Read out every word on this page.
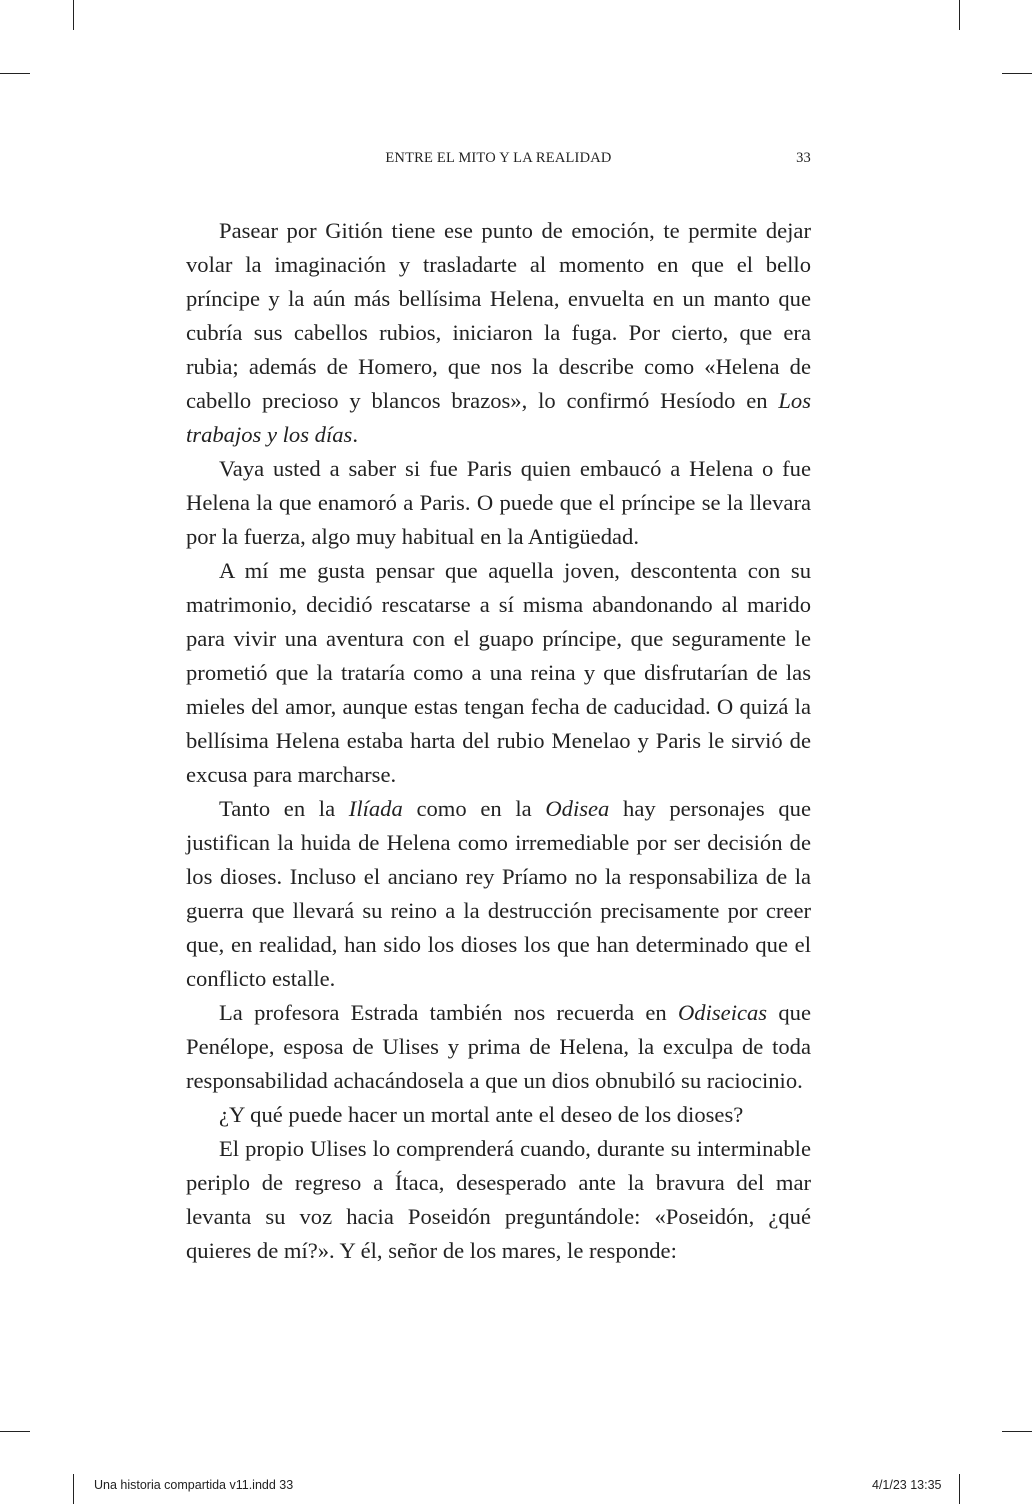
ENTRE EL MITO Y LA REALIDAD	33

Pasear por Gitión tiene ese punto de emoción, te permite dejar volar la imaginación y trasladarte al momento en que el bello príncipe y la aún más bellísima Helena, envuelta en un manto que cubría sus cabellos rubios, iniciaron la fuga. Por cierto, que era rubia; además de Homero, que nos la describe como «Helena de cabello precioso y blancos brazos», lo confirmó Hesíodo en Los trabajos y los días.

Vaya usted a saber si fue Paris quien embaucó a Helena o fue Helena la que enamoró a Paris. O puede que el príncipe se la llevara por la fuerza, algo muy habitual en la Antigüedad.

A mí me gusta pensar que aquella joven, descontenta con su matrimonio, decidió rescatarse a sí misma abandonando al marido para vivir una aventura con el guapo príncipe, que seguramente le prometió que la trataría como a una reina y que disfrutarían de las mieles del amor, aunque estas tengan fecha de caducidad. O quizá la bellísima Helena estaba harta del rubio Menelao y Paris le sirvió de excusa para marcharse.

Tanto en la Ilíada como en la Odisea hay personajes que justifican la huida de Helena como irremediable por ser decisión de los dioses. Incluso el anciano rey Príamo no la responsabiliza de la guerra que llevará su reino a la destrucción precisamente por creer que, en realidad, han sido los dioses los que han determinado que el conflicto estalle.

La profesora Estrada también nos recuerda en Odiseicas que Penélope, esposa de Ulises y prima de Helena, la exculpa de toda responsabilidad achacándosela a que un dios obnubiló su raciocinio.

¿Y qué puede hacer un mortal ante el deseo de los dioses?

El propio Ulises lo comprenderá cuando, durante su interminable periplo de regreso a Ítaca, desesperado ante la bravura del mar levanta su voz hacia Poseidón preguntándole: «Poseidón, ¿qué quieres de mí?». Y él, señor de los mares, le responde:

Una historia compartida v11.indd 33	4/1/23 13:35
